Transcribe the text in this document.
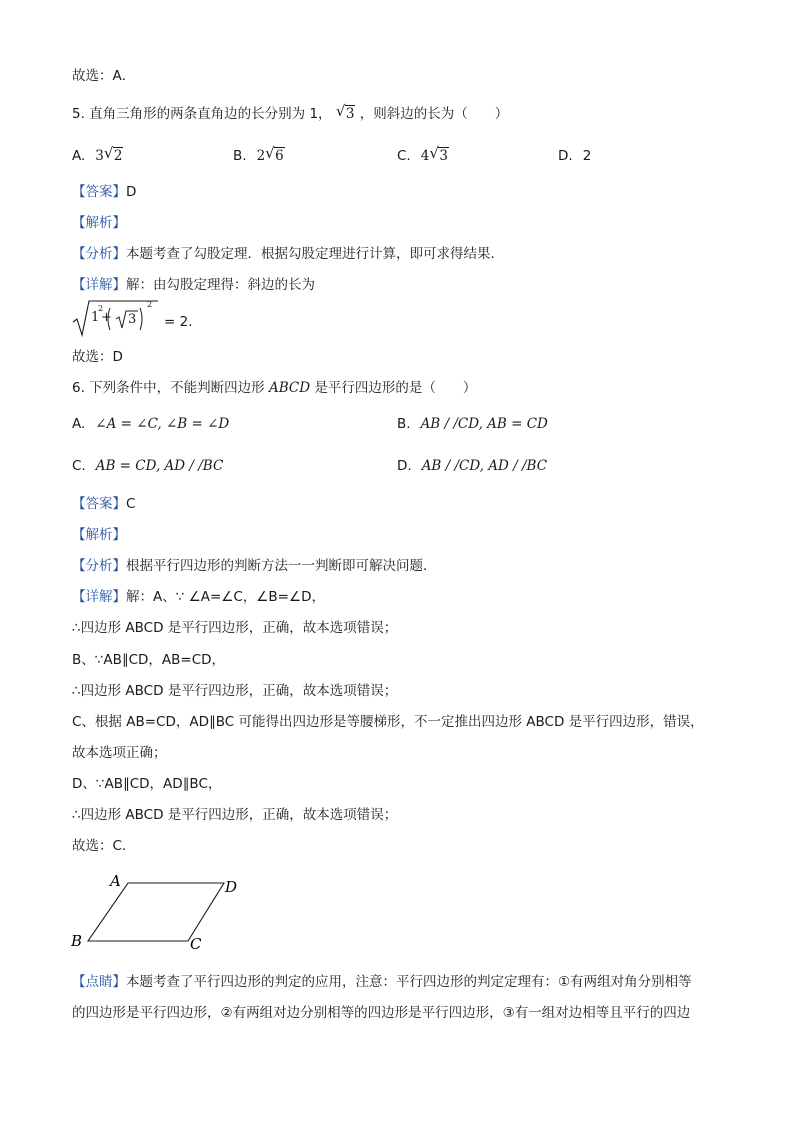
故选：A．
5. 直角三角形的两条直角边的长分别为 1， √ 3 ，则斜边的长为（　　）
A. 3 √ 2	B. 2 √ 6	C. 4 √ 3	D. 2
【答案】D
【解析】
【分析】本题考查了勾股定理．根据勾股定理进行计算，即可求得结果．
【详解】解：由勾股定理得：斜边的长为
1
2
+ 3
2
= 2．
故选：D
6. 下列条件中，不能判断四边形 ABCD 是平行四边形的是（　　）
A. ∠A = ∠C, ∠B = ∠D	B. AB / /CD, AB = CD
C. AB = CD, AD / /BC	D. AB / /CD, AD / /BC
【答案】C
【解析】
【分析】根据平行四边形的判断方法一一判断即可解决问题．
【详解】解：A、∵ ∠A=∠C，∠B=∠D，
∴四边形 ABCD 是平行四边形，正确，故本选项错误；
B、∵AB∥CD，AB=CD，
∴四边形 ABCD 是平行四边形，正确，故本选项错误；
C、根据 AB=CD，AD∥BC 可能得出四边形是等腰梯形，不一定推出四边形 ABCD 是平行四边形，错误，
故本选项正确；
D、∵AB∥CD，AD∥BC，
∴四边形 ABCD 是平行四边形，正确，故本选项错误；
故选：C．
A	D
B	C
【点睛】本题考查了平行四边形的判定的应用，注意：平行四边形的判定定理有：①有两组对角分别相等
的四边形是平行四边形，②有两组对边分别相等的四边形是平行四边形，③有一组对边相等且平行的四边
